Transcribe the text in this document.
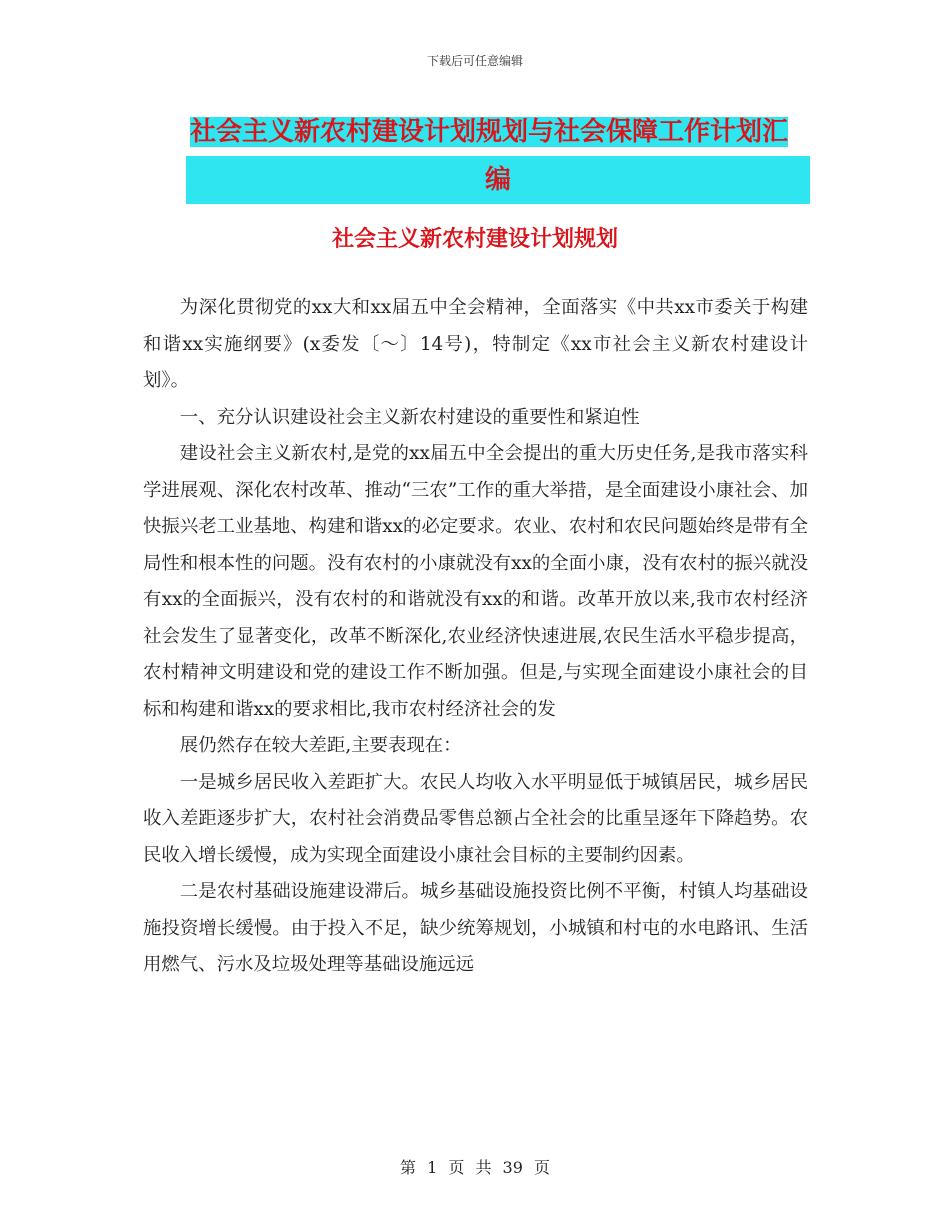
下载后可任意编辑
社会主义新农村建设计划规划与社会保障工作计划汇
编
社会主义新农村建设计划规划

为深化贯彻党的xx大和xx届五中全会精神，全面落实《中共xx市委关于构建和谐xx实施纲要》(x委发〔～〕14号)，特制定《xx市社会主义新农村建设计划》。

一、充分认识建设社会主义新农村建设的重要性和紧迫性

建设社会主义新农村,是党的xx届五中全会提出的重大历史任务,是我市落实科学进展观、深化农村改革、推动“三农”工作的重大举措，是全面建设小康社会、加快振兴老工业基地、构建和谐xx的必定要求。农业、农村和农民问题始终是带有全局性和根本性的问题。没有农村的小康就没有xx的全面小康，没有农村的振兴就没有xx的全面振兴，没有农村的和谐就没有xx的和谐。改革开放以来,我市农村经济社会发生了显著变化，改革不断深化,农业经济快速进展,农民生活水平稳步提高，农村精神文明建设和党的建设工作不断加强。但是,与实现全面建设小康社会的目标和构建和谐xx的要求相比,我市农村经济社会的发

展仍然存在较大差距,主要表现在：

一是城乡居民收入差距扩大。农民人均收入水平明显低于城镇居民，城乡居民收入差距逐步扩大，农村社会消费品零售总额占全社会的比重呈逐年下降趋势。农民收入增长缓慢，成为实现全面建设小康社会目标的主要制约因素。

二是农村基础设施建设滞后。城乡基础设施投资比例不平衡，村镇人均基础设施投资增长缓慢。由于投入不足，缺少统筹规划，小城镇和村屯的水电路讯、生活用燃气、污水及垃圾处理等基础设施远远

第 1 页 共 39 页
